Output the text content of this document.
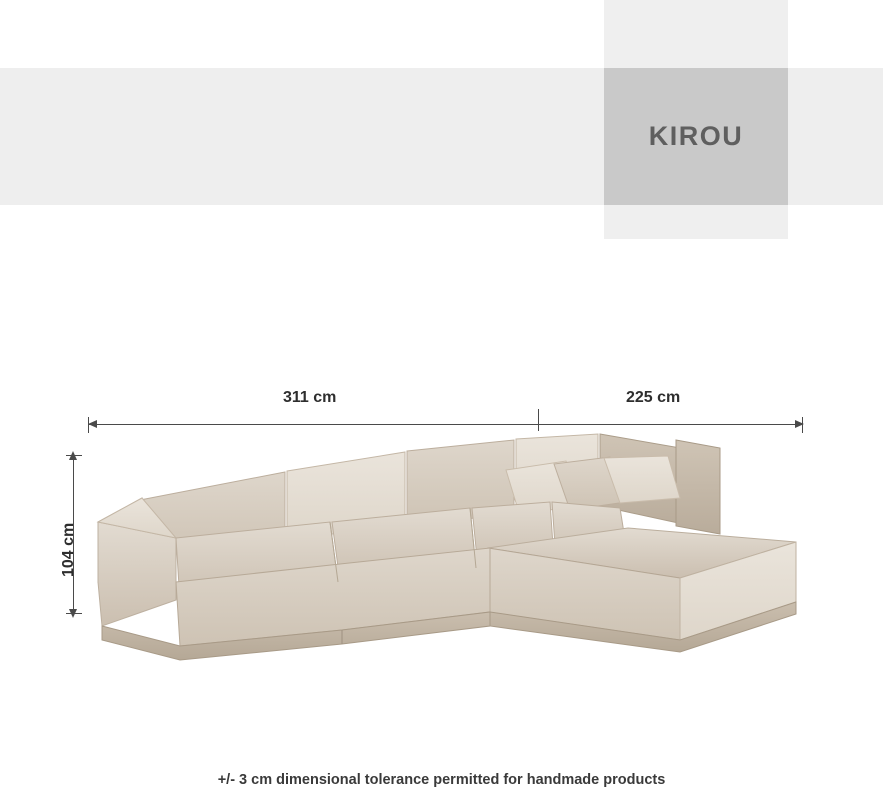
KIROU
311 cm	225 cm
104 cm
+/- 3 cm dimensional tolerance permitted for handmade products
